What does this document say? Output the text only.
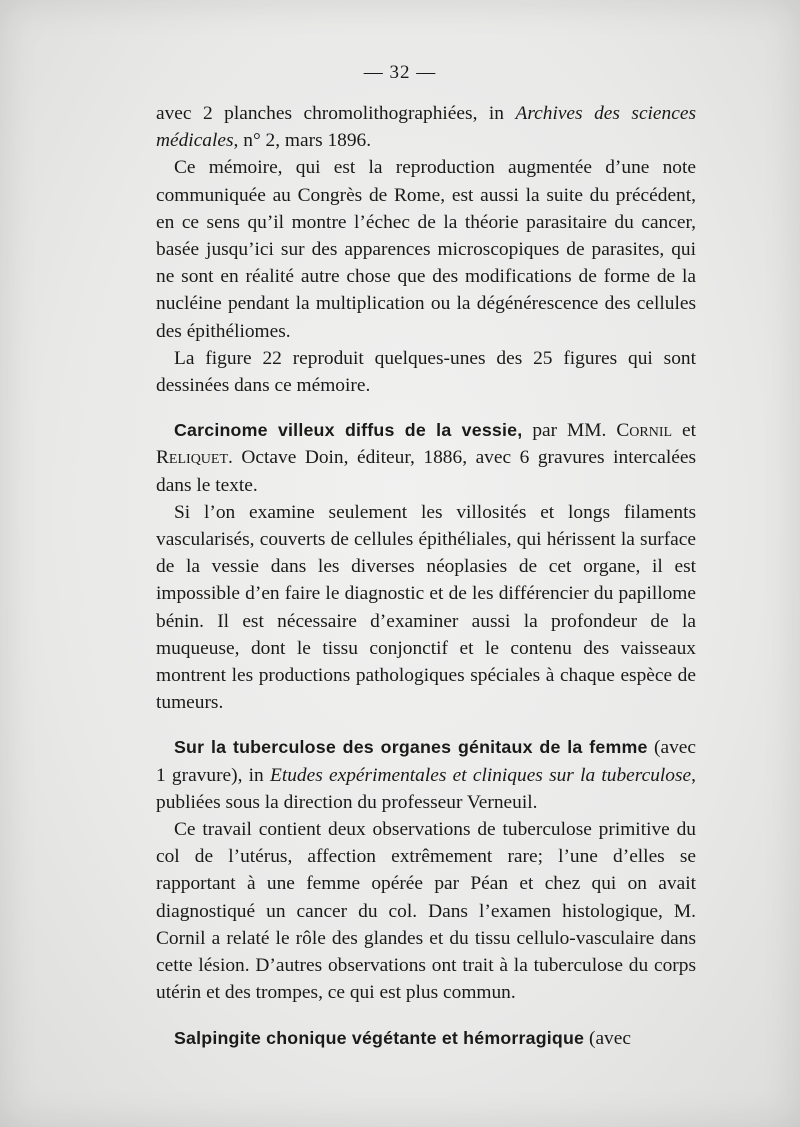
— 32 —

avec 2 planches chromolithographiées, in Archives des sciences médicales, n° 2, mars 1896.

Ce mémoire, qui est la reproduction augmentée d’une note communiquée au Congrès de Rome, est aussi la suite du précédent, en ce sens qu’il montre l’échec de la théorie parasitaire du cancer, basée jusqu’ici sur des apparences microscopiques de parasites, qui ne sont en réalité autre chose que des modifications de forme de la nucléine pendant la multiplication ou la dégénérescence des cellules des épithéliomes.

La figure 22 reproduit quelques-unes des 25 figures qui sont dessinées dans ce mémoire.

Carcinome villeux diffus de la vessie, par MM. Cornil et Reliquet. Octave Doin, éditeur, 1886, avec 6 gravures intercalées dans le texte.

Si l’on examine seulement les villosités et longs filaments vascularisés, couverts de cellules épithéliales, qui hérissent la surface de la vessie dans les diverses néoplasies de cet organe, il est impossible d’en faire le diagnostic et de les différencier du papillome bénin. Il est nécessaire d’examiner aussi la profondeur de la muqueuse, dont le tissu conjonctif et le contenu des vaisseaux montrent les productions pathologiques spéciales à chaque espèce de tumeurs.

Sur la tuberculose des organes génitaux de la femme (avec 1 gravure), in Etudes expérimentales et cliniques sur la tuberculose, publiées sous la direction du professeur Verneuil.

Ce travail contient deux observations de tuberculose primitive du col de l’utérus, affection extrêmement rare; l’une d’elles se rapportant à une femme opérée par Péan et chez qui on avait diagnostiqué un cancer du col. Dans l’examen histologique, M. Cornil a relaté le rôle des glandes et du tissu cellulo-vasculaire dans cette lésion. D’autres observations ont trait à la tuberculose du corps utérin et des trompes, ce qui est plus commun.

Salpingite chonique végétante et hémorragique (avec
